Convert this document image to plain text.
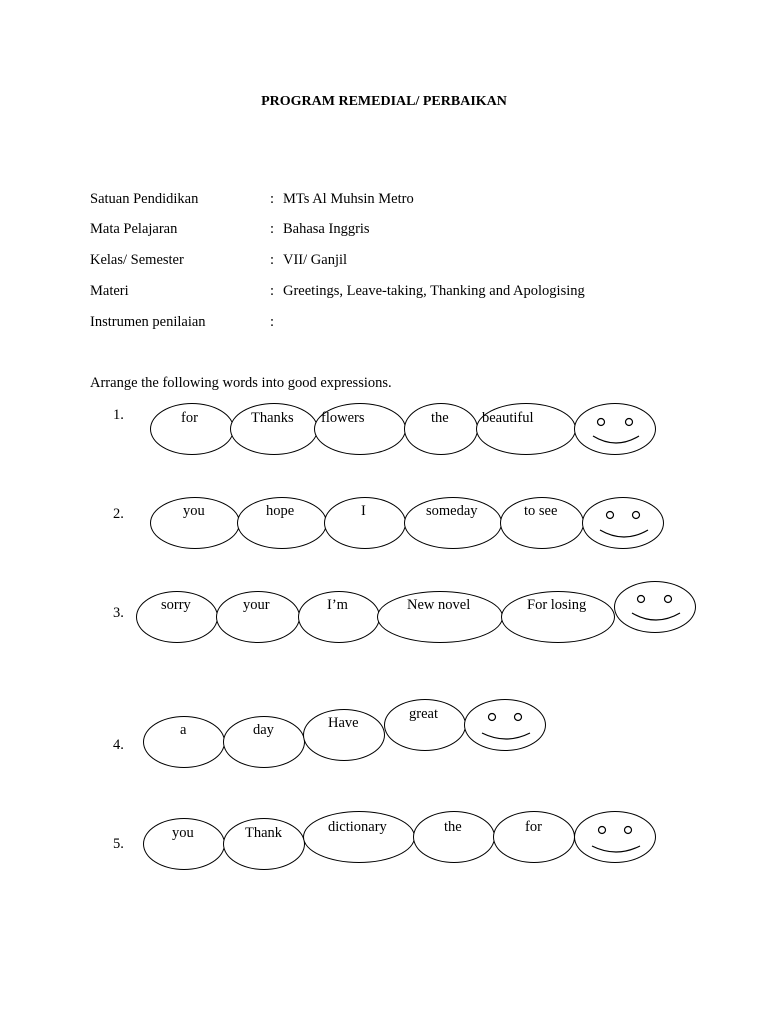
PROGRAM REMEDIAL/ PERBAIKAN
Satuan Pendidikan	: MTs Al Muhsin Metro
Mata Pelajaran	: Bahasa Inggris
Kelas/ Semester	: VII/ Ganjil
Materi	: Greetings, Leave-taking, Thanking and Apologising
Instrumen penilaian	:
Arrange the following words into good expressions.
1.	for	Thanks flowers	the beautiful
2.	you	hope	I	someday	to see
3.	sorry	your	I’m	New novel	For losing
4.
a	day	Have
great
5.
you	Thank	dictionary	the	for
